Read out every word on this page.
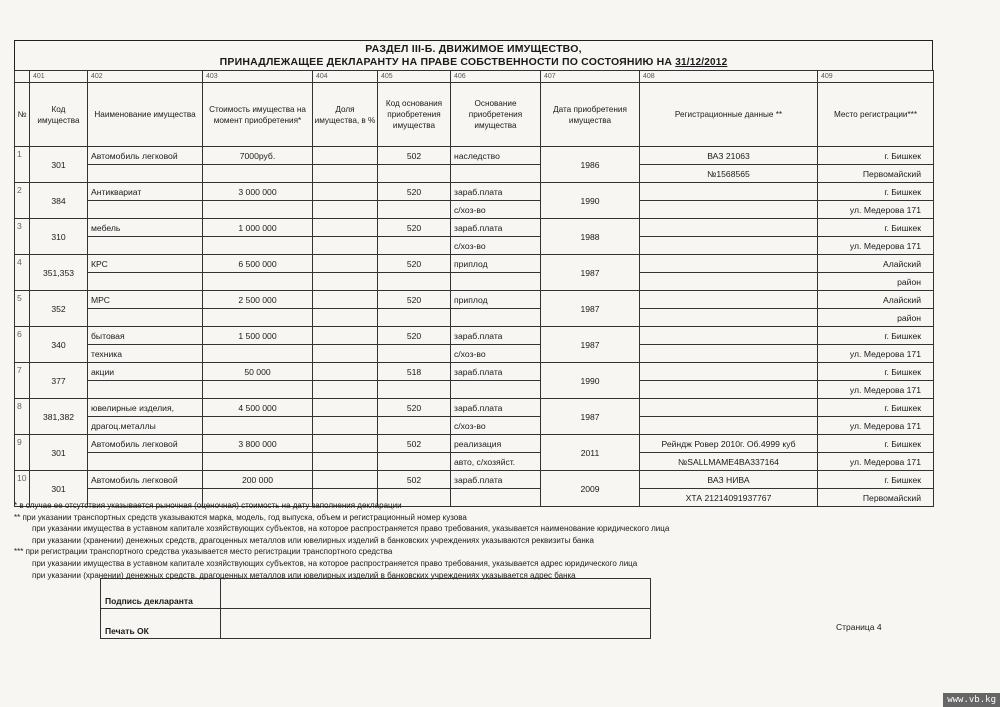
РАЗДЕЛ III-Б. ДВИЖИМОЕ ИМУЩЕСТВО,
ПРИНАДЛЕЖАЩЕЕ ДЕКЛАРАНТУ НА ПРАВЕ СОБСТВЕННОСТИ ПО СОСТОЯНИЮ НА 31/12/2012
	401	402	403	404	405	406	407	408	409
№	Код имущества	Наименование имущества	Стоимость имущества на момент приобретения*	Доля имущества, в %	Код основания приобретения имущества	Основание приобретения имущества	Дата приобретения имущества	Регистрационные данные **	Место регистрации***
1	301	Автомобиль легковой	7000руб.		502	наследство	1986	ВАЗ 21063	г. Бишкек
								№1568565	Первомайский
2	384	Антиквариат	3 000 000		520	зараб.плата	1990		г. Бишкек
						с/хоз-во			ул. Медерова 171
3	310	мебель	1 000 000		520	зараб.плата	1988		г. Бишкек
						с/хоз-во			ул. Медерова 171
4	351,353	КРС	6 500 000		520	приплод	1987		Алайский
									район
5	352	МРС	2 500 000		520	приплод	1987		Алайский
									район
6	340	бытовая	1 500 000		520	зараб.плата	1987		г. Бишкек
		техника				с/хоз-во			ул. Медерова 171
7	377	акции	50 000		518	зараб.плата	1990		г. Бишкек
									ул. Медерова 171
8	381,382	ювелирные изделия,	4 500 000		520	зараб.плата	1987		г. Бишкек
		драгоц.металлы				с/хоз-во			ул. Медерова 171
9	301	Автомобиль легковой	3 800 000		502	реализация	2011	Рейндж Ровер 2010г. Об.4999 куб	г. Бишкек
						авто, с/хозяйст.		№SALLMAME4BA337164	ул. Медерова 171
10	301	Автомобиль легковой	200 000		502	зараб.плата	2009	ВАЗ НИВА	г. Бишкек
								ХТА 21214091937767	Первомайский
* в случае ее отсутствия указывается рыночная (оценочная) стоимость на дату заполнения декларации
** при указании транспортных средств указываются марка, модель, год выпуска, объем и регистрационный номер кузова
при указании имущества в уставном капитале хозяйствующих субъектов, на которое распространяется право требования, указывается наименование юридического лица
при указании (хранении) денежных средств, драгоценных металлов или ювелирных изделий в банковских учреждениях указываются реквизиты банка
*** при регистрации транспортного средства указывается место регистрации транспортного средства
при указании имущества в уставном капитале хозяйствующих субъектов, на которое распространяется право требования, указывается адрес юридического лица
при указании (хранении) денежных средств, драгоценных металлов или ювелирных изделий в банковских учреждениях указывается адрес банка
Подпись декларанта	
Печать ОК		Страница 4
www.vb.kg
